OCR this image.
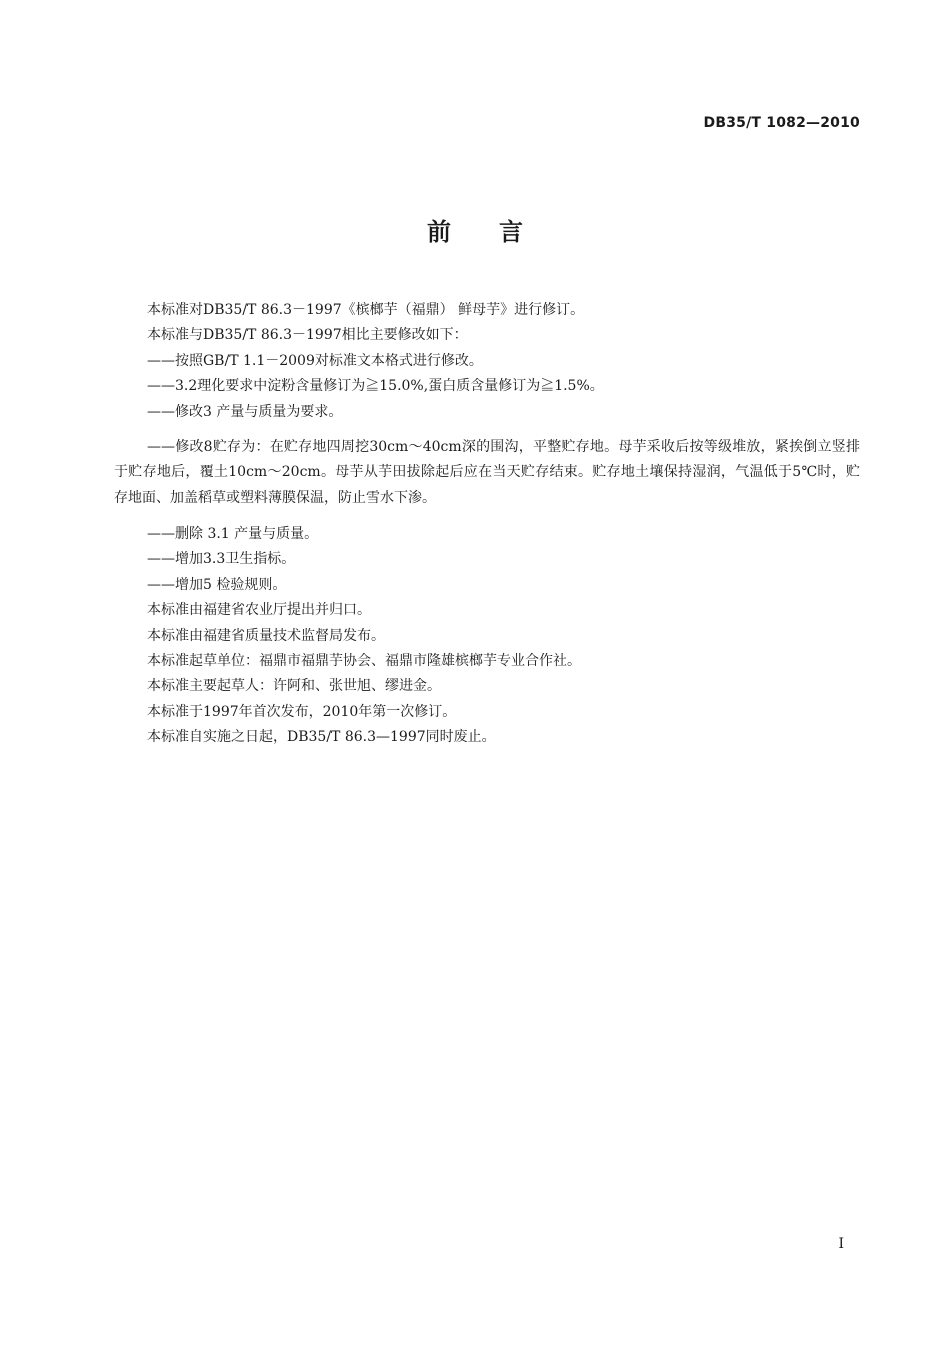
DB35/T 1082—2010
前言

本标准对DB35/T 86.3－1997《槟榔芋（福鼎） 鲜母芋》进行修订。

本标准与DB35/T 86.3－1997相比主要修改如下：

——按照GB/T 1.1－2009对标准文本格式进行修改。

——3.2理化要求中淀粉含量修订为≧15.0%,蛋白质含量修订为≧1.5%。

——修改3 产量与质量为要求。

——修改8贮存为：在贮存地四周挖30cm～40cm深的围沟，平整贮存地。母芋采收后按等级堆放，紧挨倒立竖排于贮存地后，覆土10cm～20cm。母芋从芋田拔除起后应在当天贮存结束。贮存地土壤保持湿润，气温低于5℃时，贮存地面、加盖稻草或塑料薄膜保温，防止雪水下渗。

——删除 3.1 产量与质量。

——增加3.3卫生指标。

——增加5 检验规则。

本标准由福建省农业厅提出并归口。

本标准由福建省质量技术监督局发布。

本标准起草单位：福鼎市福鼎芋协会、福鼎市隆雄槟榔芋专业合作社。

本标准主要起草人：许阿和、张世旭、缪进金。

本标准于1997年首次发布，2010年第一次修订。

本标准自实施之日起，DB35/T 86.3—1997同时废止。

I
